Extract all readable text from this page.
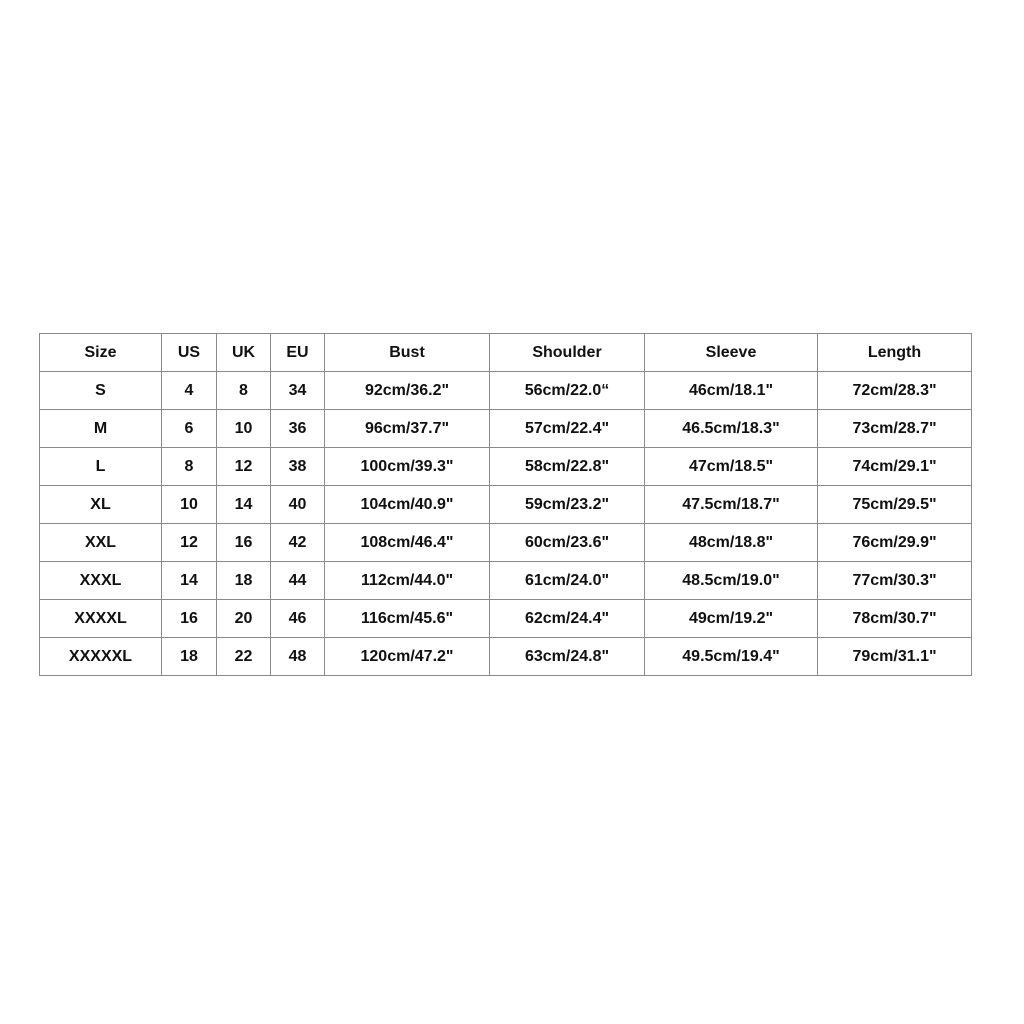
Size	US	UK	EU	Bust	Shoulder	Sleeve	Length
S	4	8	34	92cm/36.2"	56cm/22.0“	46cm/18.1"	72cm/28.3"
M	6	10	36	96cm/37.7"	57cm/22.4"	46.5cm/18.3"	73cm/28.7"
L	8	12	38	100cm/39.3"	58cm/22.8"	47cm/18.5"	74cm/29.1"
XL	10	14	40	104cm/40.9"	59cm/23.2"	47.5cm/18.7"	75cm/29.5"
XXL	12	16	42	108cm/46.4"	60cm/23.6"	48cm/18.8"	76cm/29.9"
XXXL	14	18	44	112cm/44.0"	61cm/24.0"	48.5cm/19.0"	77cm/30.3"
XXXXL	16	20	46	116cm/45.6"	62cm/24.4"	49cm/19.2"	78cm/30.7"
XXXXXL	18	22	48	120cm/47.2"	63cm/24.8"	49.5cm/19.4"	79cm/31.1"
